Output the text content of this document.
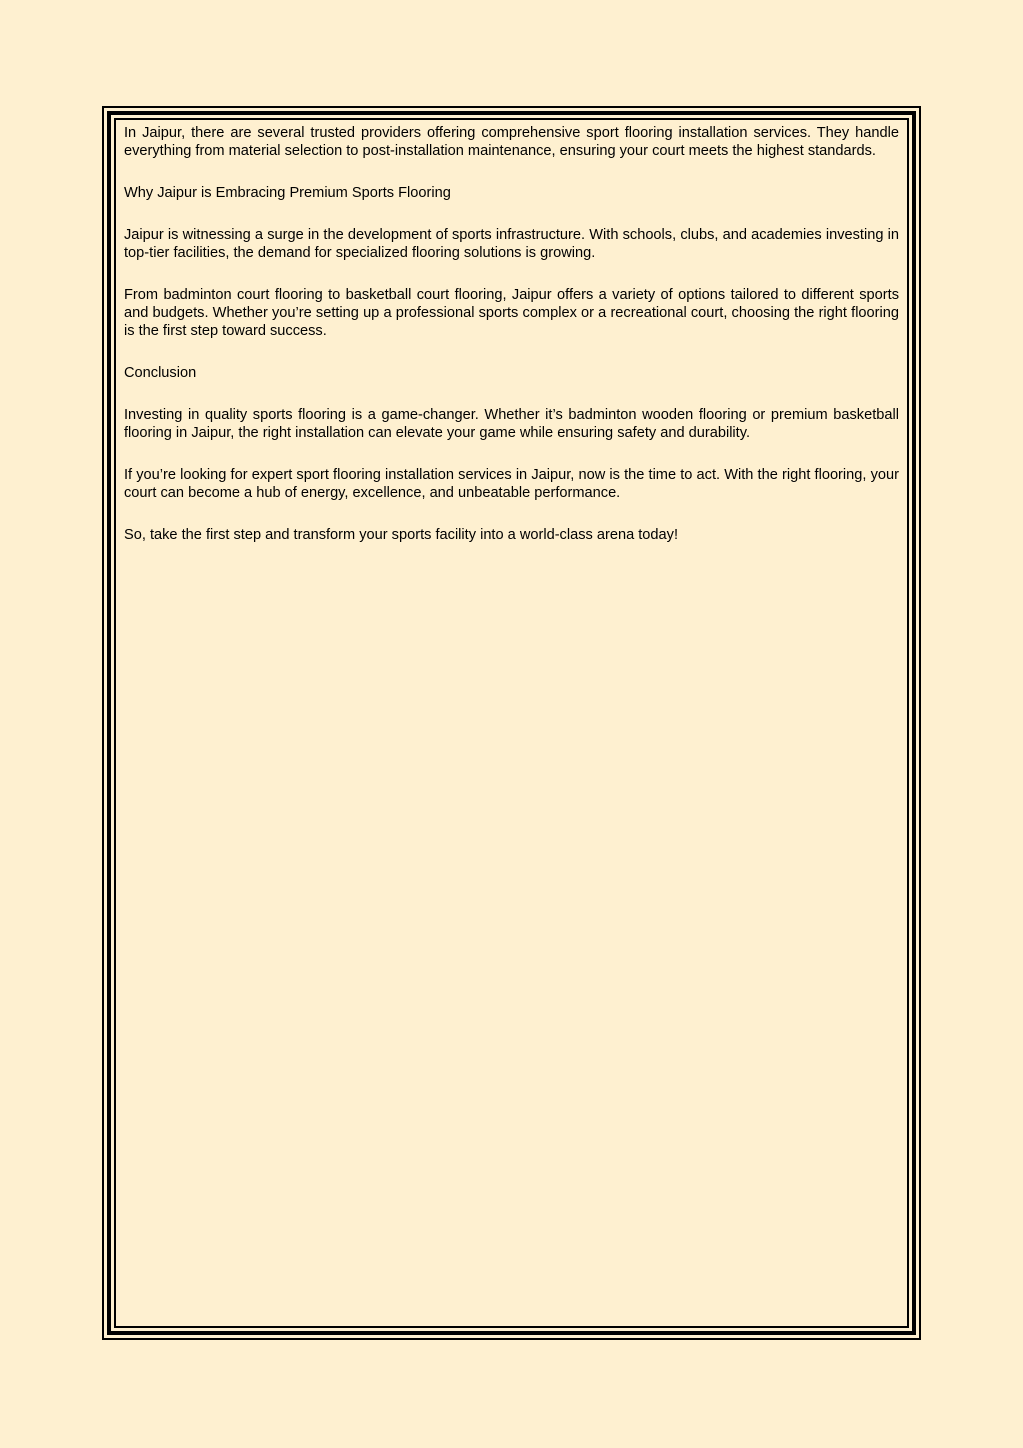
In Jaipur, there are several trusted providers offering comprehensive sport flooring installation services. They handle everything from material selection to post-installation maintenance, ensuring your court meets the highest standards.

Why Jaipur is Embracing Premium Sports Flooring

Jaipur is witnessing a surge in the development of sports infrastructure. With schools, clubs, and academies investing in top-tier facilities, the demand for specialized flooring solutions is growing.

From badminton court flooring to basketball court flooring, Jaipur offers a variety of options tailored to different sports and budgets. Whether you’re setting up a professional sports complex or a recreational court, choosing the right flooring is the first step toward success.

Conclusion

Investing in quality sports flooring is a game-changer. Whether it’s badminton wooden flooring or premium basketball flooring in Jaipur, the right installation can elevate your game while ensuring safety and durability.

If you’re looking for expert sport flooring installation services in Jaipur, now is the time to act. With the right flooring, your court can become a hub of energy, excellence, and unbeatable performance.

So, take the first step and transform your sports facility into a world-class arena today!
